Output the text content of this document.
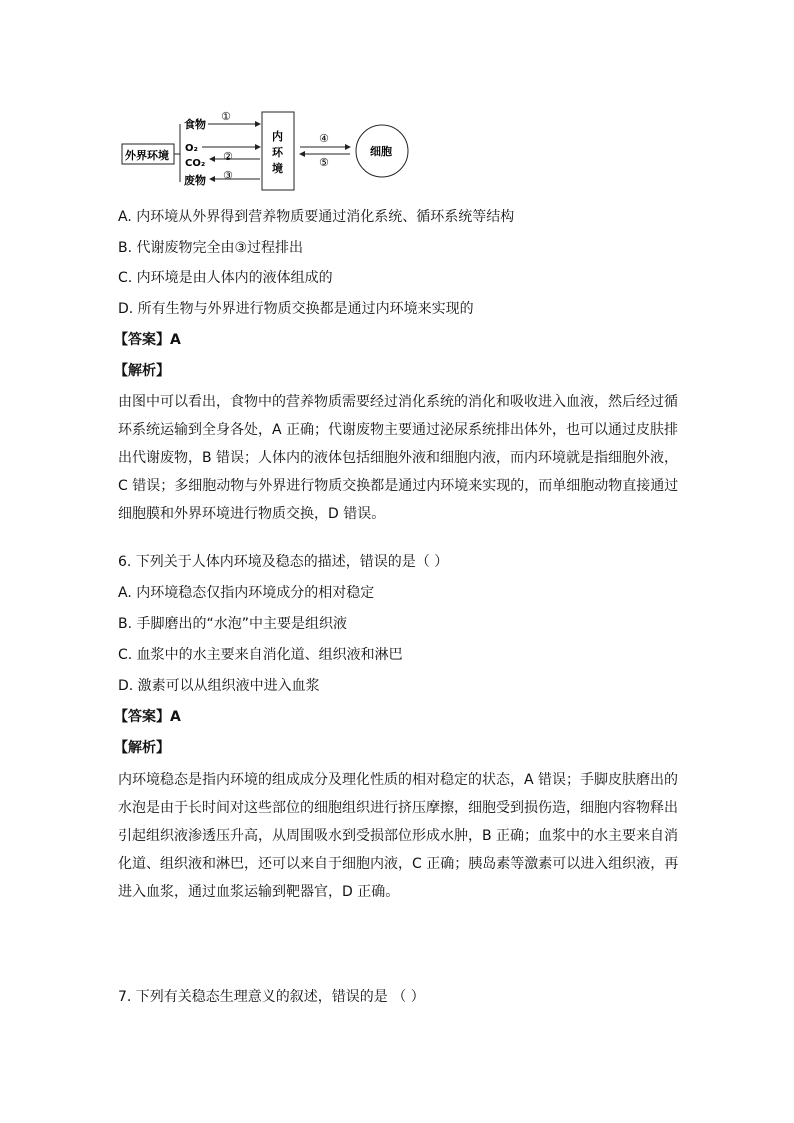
外界环境
食物
①
O₂
CO₂
②
废物 ③
内
环
境
④
⑤
细胞
A. 内环境从外界得到营养物质要通过消化系统、循环系统等结构
B. 代谢废物完全由③过程排出
C. 内环境是由人体内的液体组成的
D. 所有生物与外界进行物质交换都是通过内环境来实现的
【答案】A
【解析】
由图中可以看出，食物中的营养物质需要经过消化系统的消化和吸收进入血液，然后经过循
环系统运输到全身各处，A 正确；代谢废物主要通过泌尿系统排出体外，也可以通过皮肤排
出代谢废物，B 错误；人体内的液体包括细胞外液和细胞内液，而内环境就是指细胞外液，
C 错误；多细胞动物与外界进行物质交换都是通过内环境来实现的，而单细胞动物直接通过
细胞膜和外界环境进行物质交换，D 错误。
6. 下列关于人体内环境及稳态的描述，错误的是（ ）
A. 内环境稳态仅指内环境成分的相对稳定
B. 手脚磨出的“水泡”中主要是组织液
C. 血浆中的水主要来自消化道、组织液和淋巴
D. 激素可以从组织液中进入血浆
【答案】A
【解析】
内环境稳态是指内环境的组成成分及理化性质的相对稳定的状态，A 错误；手脚皮肤磨出的
水泡是由于长时间对这些部位的细胞组织进行挤压摩擦，细胞受到损伤造，细胞内容物释出
引起组织液渗透压升高，从周围吸水到受损部位形成水肿，B 正确；血浆中的水主要来自消
化道、组织液和淋巴，还可以来自于细胞内液，C 正确；胰岛素等激素可以进入组织液，再
进入血浆，通过血浆运输到靶器官，D 正确。
7. 下列有关稳态生理意义的叙述，错误的是 （ ）
